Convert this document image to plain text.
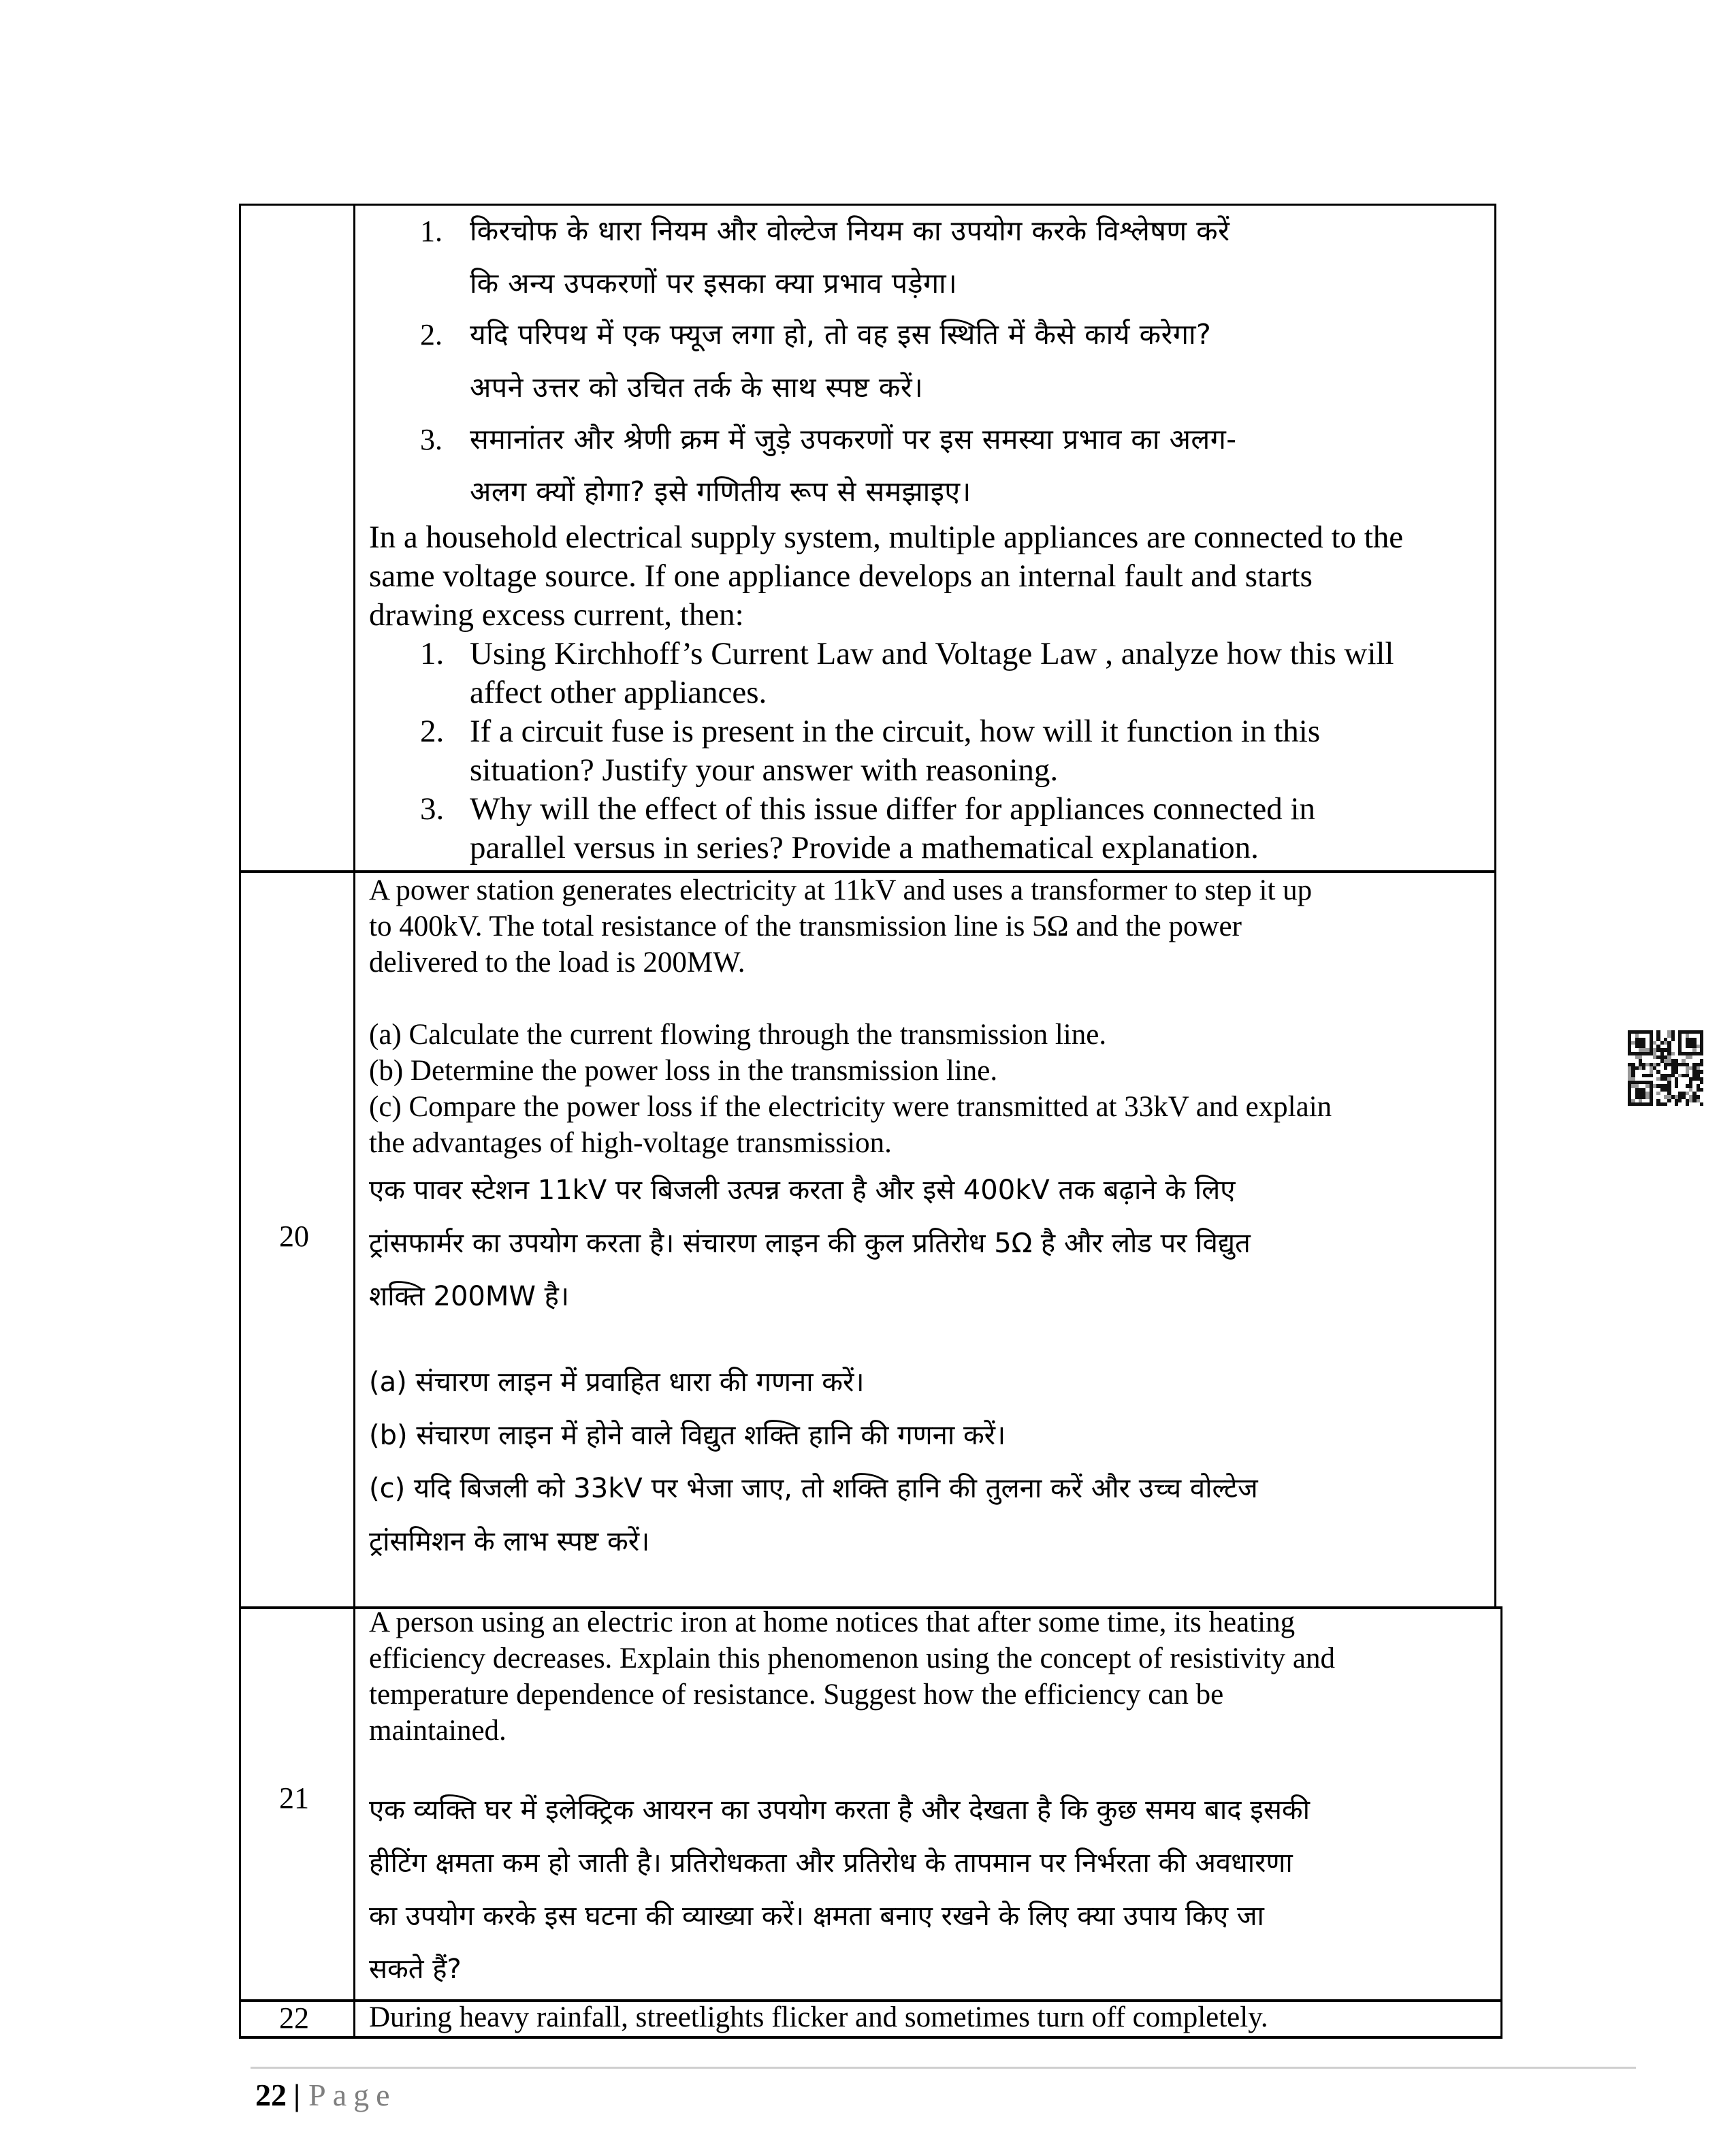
1. किरचोफ के धारा नियम और वोल्टेज नियम का उपयोग करके विश्लेषण करें
कि अन्य उपकरणों पर इसका क्या प्रभाव पड़ेगा।
2. यदि परिपथ में एक फ्यूज लगा हो, तो वह इस स्थिति में कैसे कार्य करेगा?
अपने उत्तर को उचित तर्क के साथ स्पष्ट करें।
3. समानांतर और श्रेणी क्रम में जुड़े उपकरणों पर इस समस्या प्रभाव का अलग-
अलग क्यों होगा? इसे गणितीय रूप से समझाइए।
In a household electrical supply system, multiple appliances are connected to the
same voltage source. If one appliance develops an internal fault and starts
drawing excess current, then:
1. Using Kirchhoff’s Current Law and Voltage Law , analyze how this will
affect other appliances.
2. If a circuit fuse is present in the circuit, how will it function in this
situation? Justify your answer with reasoning.
3. Why will the effect of this issue differ for appliances connected in
parallel versus in series? Provide a mathematical explanation.
20
A power station generates electricity at 11kV and uses a transformer to step it up
to 400kV. The total resistance of the transmission line is 5Ω and the power
delivered to the load is 200MW.
(a) Calculate the current flowing through the transmission line.
(b) Determine the power loss in the transmission line.
(c) Compare the power loss if the electricity were transmitted at 33kV and explain
the advantages of high-voltage transmission.
एक पावर स्टेशन 11kV पर बिजली उत्पन्न करता है और इसे 400kV तक बढ़ाने के लिए
ट्रांसफार्मर का उपयोग करता है। संचारण लाइन की कुल प्रतिरोध 5Ω है और लोड पर विद्युत
शक्ति 200MW है।
(a) संचारण लाइन में प्रवाहित धारा की गणना करें।
(b) संचारण लाइन में होने वाले विद्युत शक्ति हानि की गणना करें।
(c) यदि बिजली को 33kV पर भेजा जाए, तो शक्ति हानि की तुलना करें और उच्च वोल्टेज
ट्रांसमिशन के लाभ स्पष्ट करें।
21
A person using an electric iron at home notices that after some time, its heating
efficiency decreases. Explain this phenomenon using the concept of resistivity and
temperature dependence of resistance. Suggest how the efficiency can be
maintained.
एक व्यक्ति घर में इलेक्ट्रिक आयरन का उपयोग करता है और देखता है कि कुछ समय बाद इसकी
हीटिंग क्षमता कम हो जाती है। प्रतिरोधकता और प्रतिरोध के तापमान पर निर्भरता की अवधारणा
का उपयोग करके इस घटना की व्याख्या करें। क्षमता बनाए रखने के लिए क्या उपाय किए जा
सकते हैं?
22 During heavy rainfall, streetlights flicker and sometimes turn off completely.
22 | Page
